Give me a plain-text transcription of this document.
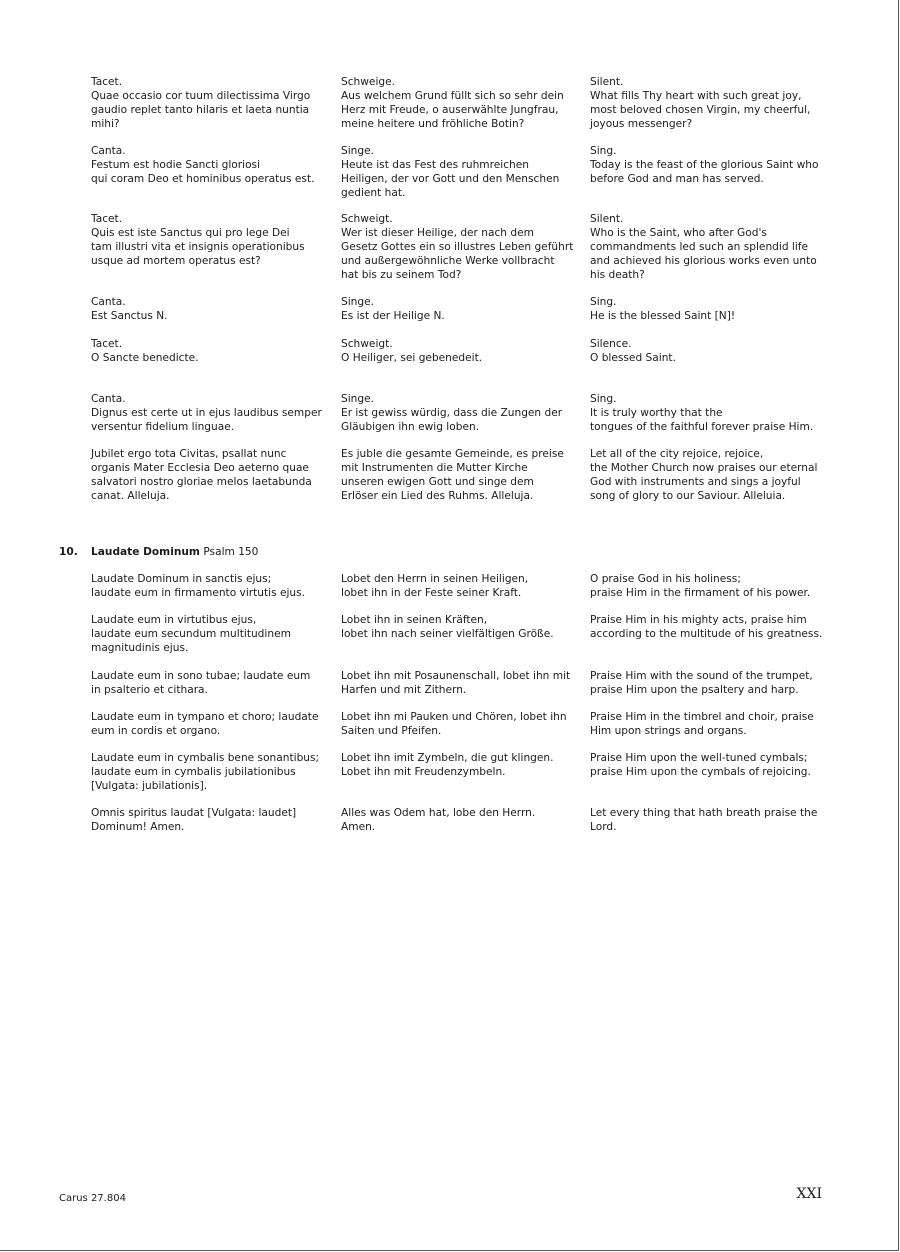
Tacet.
Quae occasio cor tuum dilectissima Virgo
gaudio replet tanto hilaris et laeta nuntia
mihi?

Schweige.
Aus welchem Grund füllt sich so sehr dein
Herz mit Freude, o auserwählte Jungfrau,
meine heitere und fröhliche Botin?

Silent.
What fills Thy heart with such great joy,
most beloved chosen Virgin, my cheerful,
joyous messenger?

Canta.
Festum est hodie Sancti gloriosi
qui coram Deo et hominibus operatus est.

Singe.
Heute ist das Fest des ruhmreichen
Heiligen, der vor Gott und den Menschen
gedient hat.

Sing.
Today is the feast of the glorious Saint who
before God and man has served.

Tacet.
Quis est iste Sanctus qui pro lege Dei
tam illustri vita et insignis operationibus
usque ad mortem operatus est?

Schweigt.
Wer ist dieser Heilige, der nach dem
Gesetz Gottes ein so illustres Leben geführt
und außergewöhnliche Werke vollbracht
hat bis zu seinem Tod?

Silent.
Who is the Saint, who after God's
commandments led such an splendid life
and achieved his glorious works even unto
his death?

Canta.
Est Sanctus N.

Singe.
Es ist der Heilige N.

Sing.
He is the blessed Saint [N]!

Tacet.
O Sancte benedicte.

Schweigt.
O Heiliger, sei gebenedeit.

Silence.
O blessed Saint.

Canta.
Dignus est certe ut in ejus laudibus semper
versentur fidelium linguae.

Singe.
Er ist gewiss würdig, dass die Zungen der
Gläubigen ihn ewig loben.

Sing.
It is truly worthy that the
tongues of the faithful forever praise Him.

Jubilet ergo tota Civitas, psallat nunc
organis Mater Ecclesia Deo aeterno quae
salvatori nostro gloriae melos laetabunda
canat. Alleluja.

Es juble die gesamte Gemeinde, es preise
mit Instrumenten die Mutter Kirche
unseren ewigen Gott und singe dem
Erlöser ein Lied des Ruhms. Alleluja.

Let all of the city rejoice, rejoice,
the Mother Church now praises our eternal
God with instruments and sings a joyful
song of glory to our Saviour. Alleluia.

10. Laudate Dominum Psalm 150

Laudate Dominum in sanctis ejus;
laudate eum in firmamento virtutis ejus.

Lobet den Herrn in seinen Heiligen,
lobet ihn in der Feste seiner Kraft.

O praise God in his holiness;
praise Him in the firmament of his power.

Laudate eum in virtutibus ejus,
laudate eum secundum multitudinem
magnitudinis ejus.

Lobet ihn in seinen Kräften,
lobet ihn nach seiner vielfältigen Größe.

Praise Him in his mighty acts, praise him
according to the multitude of his greatness.

Laudate eum in sono tubae; laudate eum
in psalterio et cithara.

Lobet ihn mit Posaunenschall, lobet ihn mit
Harfen und mit Zithern.

Praise Him with the sound of the trumpet,
praise Him upon the psaltery and harp.

Laudate eum in tympano et choro; laudate
eum in cordis et organo.

Lobet ihn mi Pauken und Chören, lobet ihn
Saiten und Pfeifen.

Praise Him in the timbrel and choir, praise
Him upon strings and organs.

Laudate eum in cymbalis bene sonantibus;
laudate eum in cymbalis jubilationibus
[Vulgata: jubilationis].

Lobet ihn imit Zymbeln, die gut klingen.
Lobet ihn mit Freudenzymbeln.

Praise Him upon the well-tuned cymbals;
praise Him upon the cymbals of rejoicing.

Omnis spiritus laudat [Vulgata: laudet]
Dominum! Amen.

Alles was Odem hat, lobe den Herrn.
Amen.

Let every thing that hath breath praise the
Lord.

Carus 27.804	XXI
